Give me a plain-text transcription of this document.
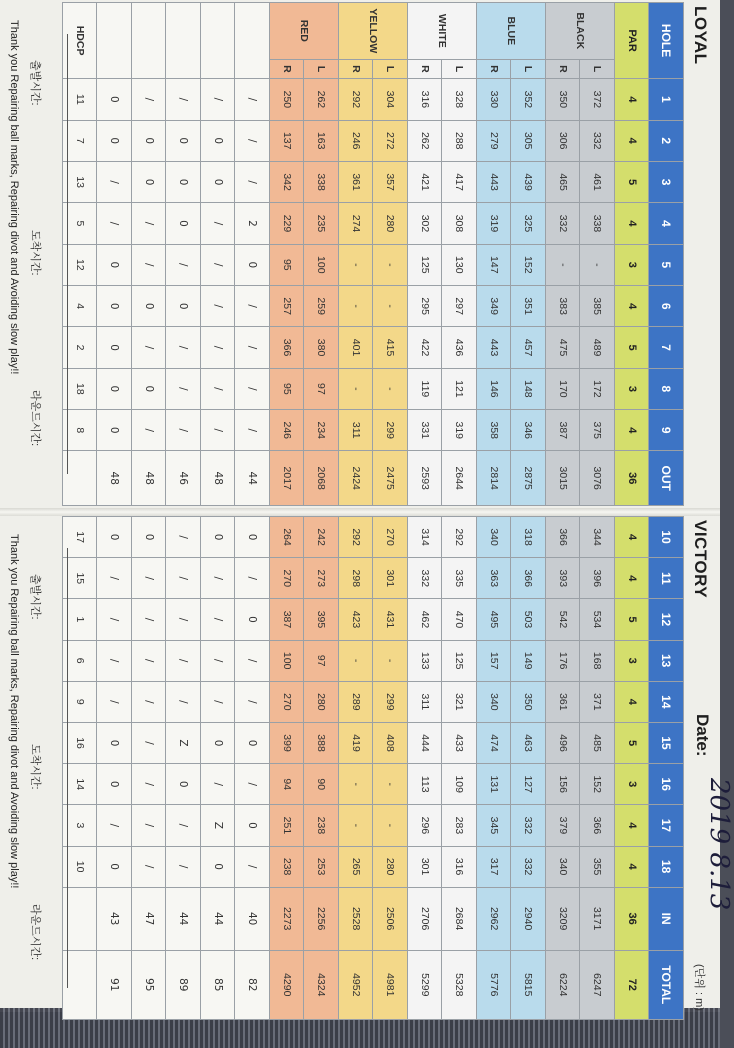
LOYAL
HOLE		1	2	3	4	5	6	7	8	9	OUT
PAR		4	4	5	4	3	4	5	3	4	36
BLACK	L	372	332	461	338	-	385	489	172	375	3076
	R	350	306	465	332	-	383	475	170	387	3015
BLUE	L	352	305	439	325	152	351	457	148	346	2875
	R	330	279	443	319	147	349	443	146	358	2814
WHITE	L	328	288	417	308	130	297	436	121	319	2644
	R	316	262	421	302	125	295	422	119	331	2593
YELLOW	L	304	272	357	280	-	-	415	-	299	2475
	R	292	246	361	274	-	-	401	-	311	2424
RED	L	262	163	338	235	100	259	380	97	234	2068
	R	250	137	342	229	95	257	366	95	246	2017
		/	/	/	2	0	/	/	/	/	44
		/	0	0	/	/	/	/	/	/	48
		/	0	0	0	/	0	/	/	/	46
		/	0	0	/	/	0	/	0	/	48
		0	0	/	/	0	0	0	0	0	48
HDCP		11	7	13	5	12	4	2	18	8	
출발시간:
도착시간:
라운드시간:
Thank you Repairing ball marks, Repairing divot and Avoiding slow play!!
VICTORY
Date:
2019 8.13
(단위 : m)
10	11	12	13	14	15	16	17	18	IN	TOTAL
4	4	5	3	4	5	3	4	4	36	72
344	396	534	168	371	485	152	366	355	3171	6247
366	393	542	176	361	496	156	379	340	3209	6224
318	366	503	149	350	463	127	332	332	2940	5815
340	363	495	157	340	474	131	345	317	2962	5776
292	335	470	125	321	433	109	283	316	2684	5328
314	332	462	133	311	444	113	296	301	2706	5299
270	301	431	-	299	408	-	-	280	2506	4981
292	298	423	-	289	419	-	-	265	2528	4952
242	273	395	97	280	388	90	238	253	2256	4324
264	270	387	100	270	399	94	251	238	2273	4290
0	/	0	/	/	0	/	0	/	40	82
0	/	/	/	/	0	/	Z	0	44	85
/	/	/	/	/	Z	0	/	/	44	89
0	/	/	/	/	/	/	/	/	47	95
0	/	/	/	/	0	0	/	0	43	91
17	15	1	6	9	16	14	3	10		
출발시간:
도착시간:
라운드시간:
Thank you Repairing ball marks, Repairing divot and Avoiding slow play!!
